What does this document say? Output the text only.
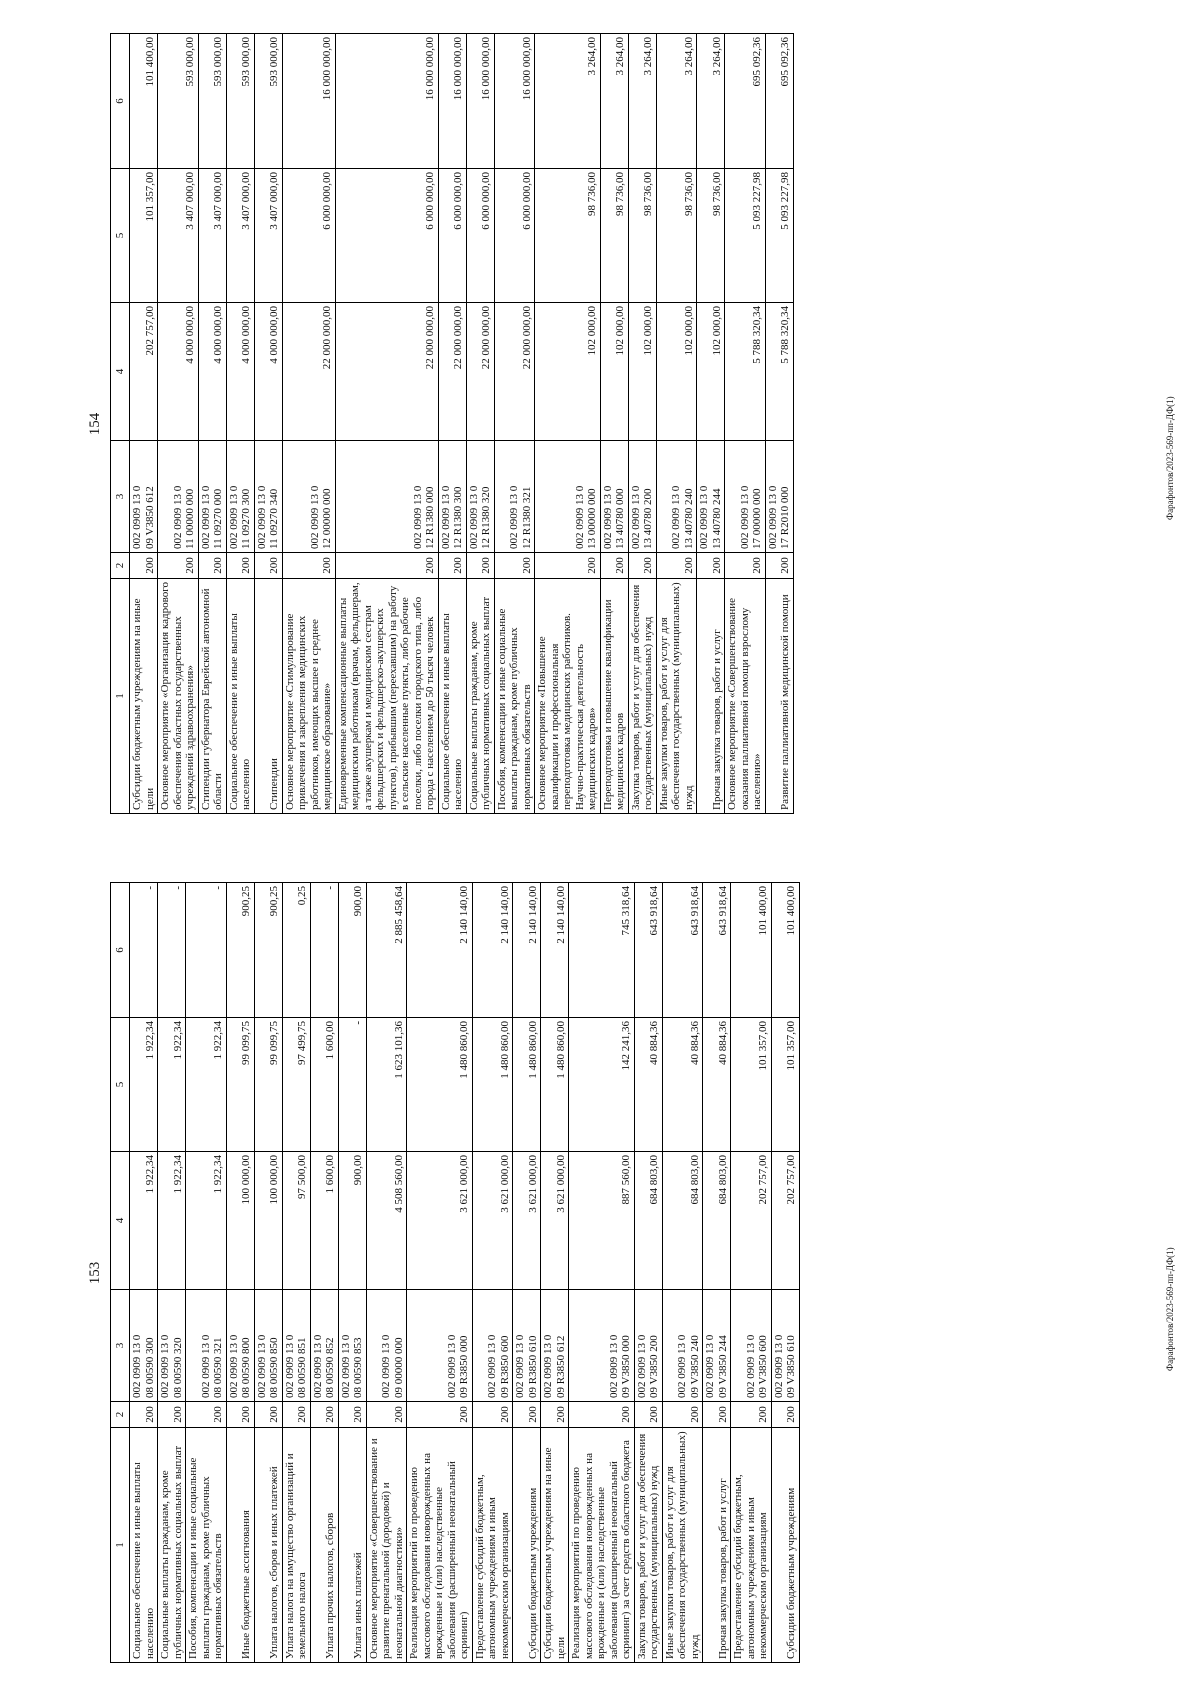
154
1	2	3	4	5	6
Субсидии бюджетным учреждениям на иные цели	200	002 0909 13 0
09 V3850 612	202 757,00	101 357,00	101 400,00
Основное мероприятие «Организация кадрового обеспечения областных государственных учреждений здравоохранения»	200	002 0909 13 0
11 00000 000	4 000 000,00	3 407 000,00	593 000,00
Стипендии губернатора Еврейской автономной области	200	002 0909 13 0
11 09270 000	4 000 000,00	3 407 000,00	593 000,00
Социальное обеспечение и иные выплаты населению	200	002 0909 13 0
11 09270 300	4 000 000,00	3 407 000,00	593 000,00
Стипендии	200	002 0909 13 0
11 09270 340	4 000 000,00	3 407 000,00	593 000,00
Основное мероприятие «Стимулирование привлечения и закрепления медицинских работников, имеющих высшее и среднее медицинское образование»	200	002 0909 13 0
12 00000 000	22 000 000,00	6 000 000,00	16 000 000,00
Единовременные компенсационные выплаты медицинским работникам (врачам, фельдшерам, а также акушеркам и медицинским сестрам фельдшерских и фельдшерско-акушерских пунктов), прибывшим (переехавшим) на работу в сельские населенные пункты, либо рабочие поселки, либо поселки городского типа, либо города с населением до 50 тысяч человек	200	002 0909 13 0
12 R1380 000	22 000 000,00	6 000 000,00	16 000 000,00
Социальное обеспечение и иные выплаты населению	200	002 0909 13 0
12 R1380 300	22 000 000,00	6 000 000,00	16 000 000,00
Социальные выплаты гражданам, кроме публичных нормативных социальных выплат	200	002 0909 13 0
12 R1380 320	22 000 000,00	6 000 000,00	16 000 000,00
Пособия, компенсации и иные социальные выплаты гражданам, кроме публичных нормативных обязательств	200	002 0909 13 0
12 R1380 321	22 000 000,00	6 000 000,00	16 000 000,00
Основное мероприятие «Повышение квалификации и профессиональная переподготовка медицинских работников. Научно-практическая деятельность медицинских кадров»	200	002 0909 13 0
13 00000 000	102 000,00	98 736,00	3 264,00
Переподготовка и повышение квалификации медицинских кадров	200	002 0909 13 0
13 40780 000	102 000,00	98 736,00	3 264,00
Закупка товаров, работ и услуг для обеспечения государственных (муниципальных) нужд	200	002 0909 13 0
13 40780 200	102 000,00	98 736,00	3 264,00
Иные закупки товаров, работ и услуг для обеспечения государственных (муниципальных) нужд	200	002 0909 13 0
13 40780 240	102 000,00	98 736,00	3 264,00
Прочая закупка товаров, работ и услуг	200	002 0909 13 0
13 40780 244	102 000,00	98 736,00	3 264,00
Основное мероприятие «Совершенствование оказания паллиативной помощи взрослому населению»	200	002 0909 13 0
17 00000 000	5 788 320,34	5 093 227,98	695 092,36
Развитие паллиативной медицинской помощи	200	002 0909 13 0
17 R2010 000	5 788 320,34	5 093 227,98	695 092,36
Фарафонтов/2023-569-пп-ДФ(1)
153
1	2	3	4	5	6
Социальное обеспечение и иные выплаты населению	200	002 0909 13 0
08 00590 300	1 922,34	1 922,34	-
Социальные выплаты гражданам, кроме публичных нормативных социальных выплат	200	002 0909 13 0
08 00590 320	1 922,34	1 922,34	-
Пособия, компенсации и иные социальные выплаты гражданам, кроме публичных нормативных обязательств	200	002 0909 13 0
08 00590 321	1 922,34	1 922,34	-
Иные бюджетные ассигнования	200	002 0909 13 0
08 00590 800	100 000,00	99 099,75	900,25
Уплата налогов, сборов и иных платежей	200	002 0909 13 0
08 00590 850	100 000,00	99 099,75	900,25
Уплата налога на имущество организаций и земельного налога	200	002 0909 13 0
08 00590 851	97 500,00	97 499,75	0,25
Уплата прочих налогов, сборов	200	002 0909 13 0
08 00590 852	1 600,00	1 600,00	-
Уплата иных платежей	200	002 0909 13 0
08 00590 853	900,00	-	900,00
Основное мероприятие «Совершенствование и развитие пренатальной (дородовой) и неонатальной диагностики»	200	002 0909 13 0
09 00000 000	4 508 560,00	1 623 101,36	2 885 458,64
Реализация мероприятий по проведению массового обследования новорожденных на врожденные и (или) наследственные заболевания (расширенный неонатальный скрининг)	200	002 0909 13 0
09 R3850 000	3 621 000,00	1 480 860,00	2 140 140,00
Предоставление субсидий бюджетным, автономным учреждениям и иным некоммерческим организациям	200	002 0909 13 0
09 R3850 600	3 621 000,00	1 480 860,00	2 140 140,00
Субсидии бюджетным учреждениям	200	002 0909 13 0
09 R3850 610	3 621 000,00	1 480 860,00	2 140 140,00
Субсидии бюджетным учреждениям на иные цели	200	002 0909 13 0
09 R3850 612	3 621 000,00	1 480 860,00	2 140 140,00
Реализация мероприятий по проведению массового обследования новорожденных на врожденные и (или) наследственные заболевания (расширенный неонатальный скрининг) за счет средств областного бюджета	200	002 0909 13 0
09 V3850 000	887 560,00	142 241,36	745 318,64
Закупка товаров, работ и услуг для обеспечения государственных (муниципальных) нужд	200	002 0909 13 0
09 V3850 200	684 803,00	40 884,36	643 918,64
Иные закупки товаров, работ и услуг для обеспечения государственных (муниципальных) нужд	200	002 0909 13 0
09 V3850 240	684 803,00	40 884,36	643 918,64
Прочая закупка товаров, работ и услуг	200	002 0909 13 0
09 V3850 244	684 803,00	40 884,36	643 918,64
Предоставление субсидий бюджетным, автономным учреждениям и иным некоммерческим организациям	200	002 0909 13 0
09 V3850 600	202 757,00	101 357,00	101 400,00
Субсидии бюджетным учреждениям	200	002 0909 13 0
09 V3850 610	202 757,00	101 357,00	101 400,00
Фарафонтов/2023-569-пп-ДФ(1)
